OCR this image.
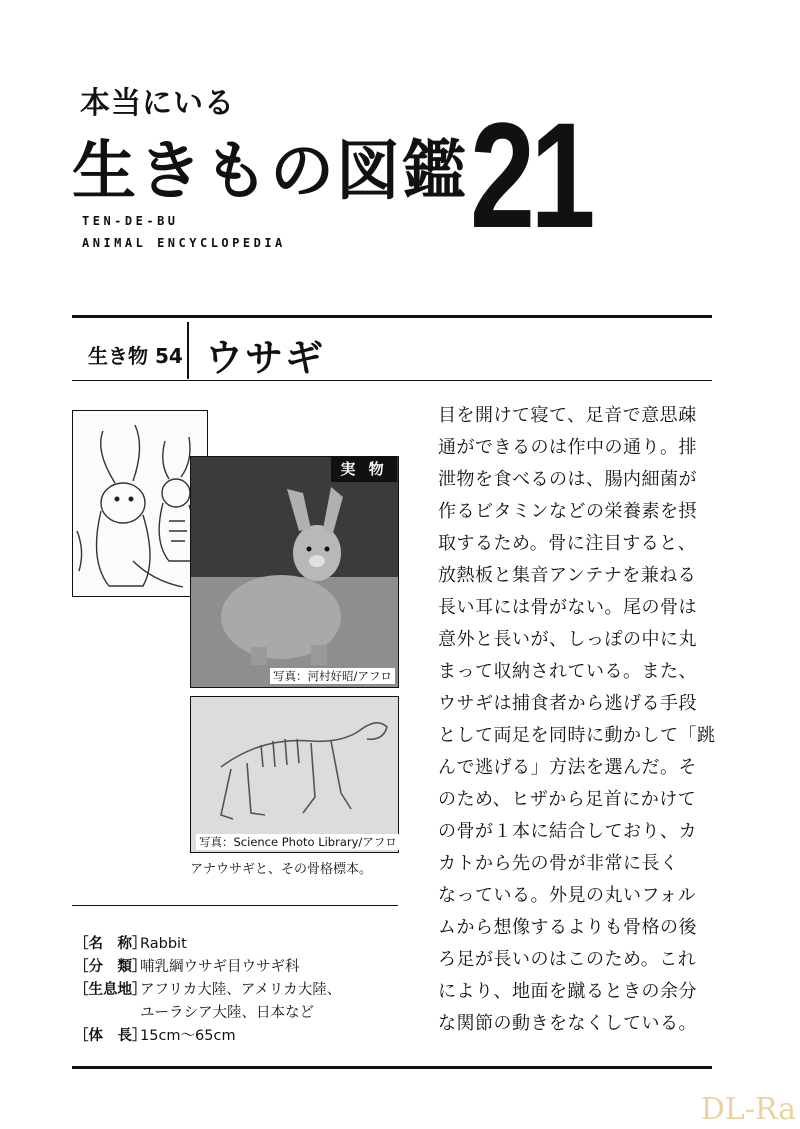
本当にいる
生きもの図鑑 21
TEN-DE-BU
ANIMAL ENCYCLOPEDIA
生き物 54 ウサギ
実 物
写真：河村好昭/アフロ
写真：Science Photo Library/アフロ
アナウサギと、その骨格標本。
目を開けて寝て、足音で意思疎
通ができるのは作中の通り。排
泄物を食べるのは、腸内細菌が
作るビタミンなどの栄養素を摂
取するため。骨に注目すると、
放熱板と集音アンテナを兼ねる
長い耳には骨がない。尾の骨は
意外と長いが、しっぽの中に丸
まって収納されている。また、
ウサギは捕食者から逃げる手段
として両足を同時に動かして「跳
んで逃げる」方法を選んだ。そ
のため、ヒザから足首にかけて
の骨が１本に結合しており、カ
カトから先の骨が非常に長く
なっている。外見の丸いフォル
ムから想像するよりも骨格の後
ろ足が長いのはこのため。これ
により、地面を蹴るときの余分
な関節の動きをなくしている。
［名　称］Rabbit
［分　類］哺乳綱ウサギ目ウサギ科
［生息地］アフリカ大陸、アメリカ大陸、
ユーラシア大陸、日本など
［体　長］15cm〜65cm
DL-Ra
